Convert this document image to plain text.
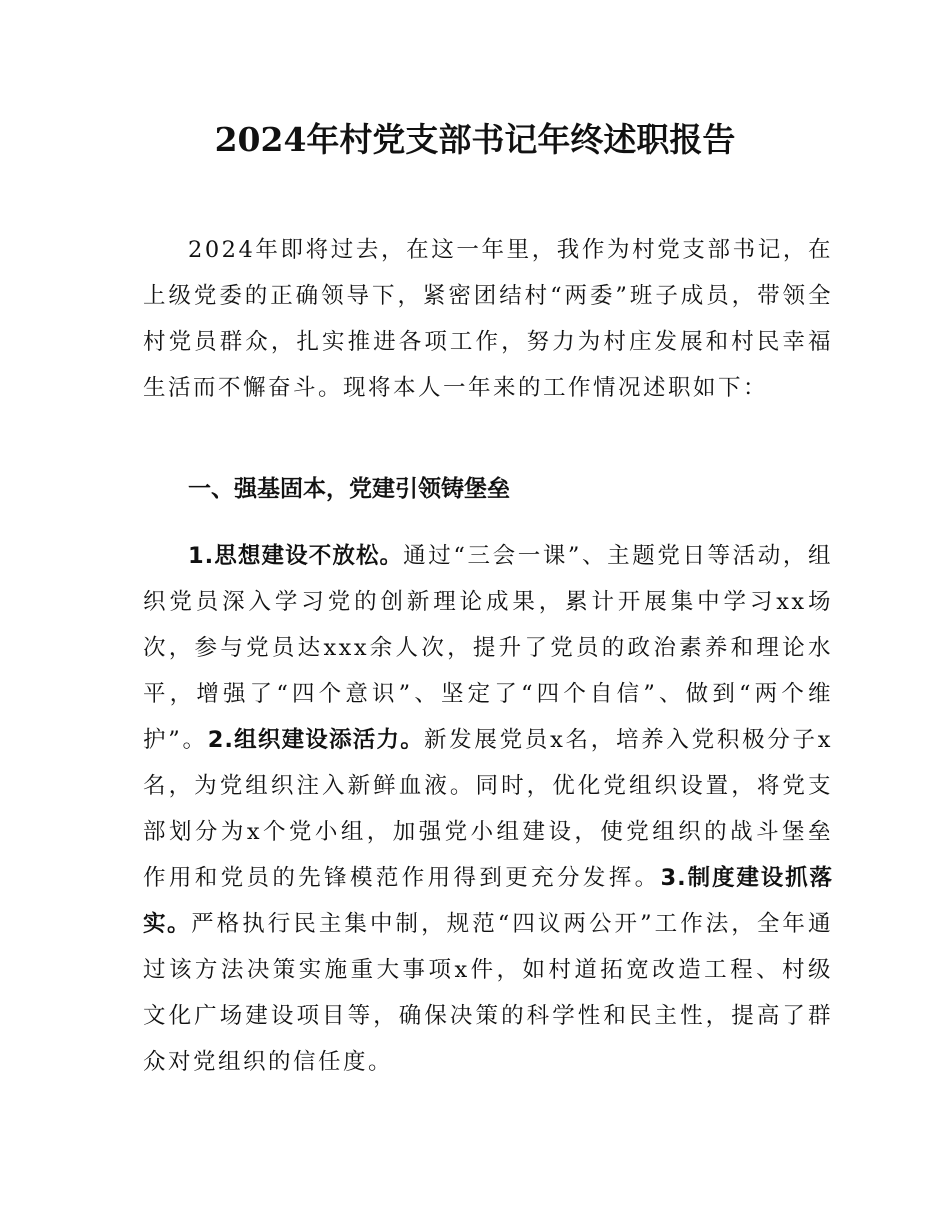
2024年村党支部书记年终述职报告

2024年即将过去，在这一年里，我作为村党支部书记，在上级党委的正确领导下，紧密团结村“两委”班子成员，带领全村党员群众，扎实推进各项工作，努力为村庄发展和村民幸福生活而不懈奋斗。现将本人一年来的工作情况述职如下：

一、强基固本，党建引领铸堡垒

1.思想建设不放松。通过“三会一课”、主题党日等活动，组织党员深入学习党的创新理论成果，累计开展集中学习xx场次，参与党员达xxx余人次，提升了党员的政治素养和理论水平，增强了“四个意识”、坚定了“四个自信”、做到“两个维护”。2.组织建设添活力。新发展党员x名，培养入党积极分子x名，为党组织注入新鲜血液。同时，优化党组织设置，将党支部划分为x个党小组，加强党小组建设，使党组织的战斗堡垒作用和党员的先锋模范作用得到更充分发挥。3.制度建设抓落实。严格执行民主集中制，规范“四议两公开”工作法，全年通过该方法决策实施重大事项x件，如村道拓宽改造工程、村级文化广场建设项目等，确保决策的科学性和民主性，提高了群众对党组织的信任度。
